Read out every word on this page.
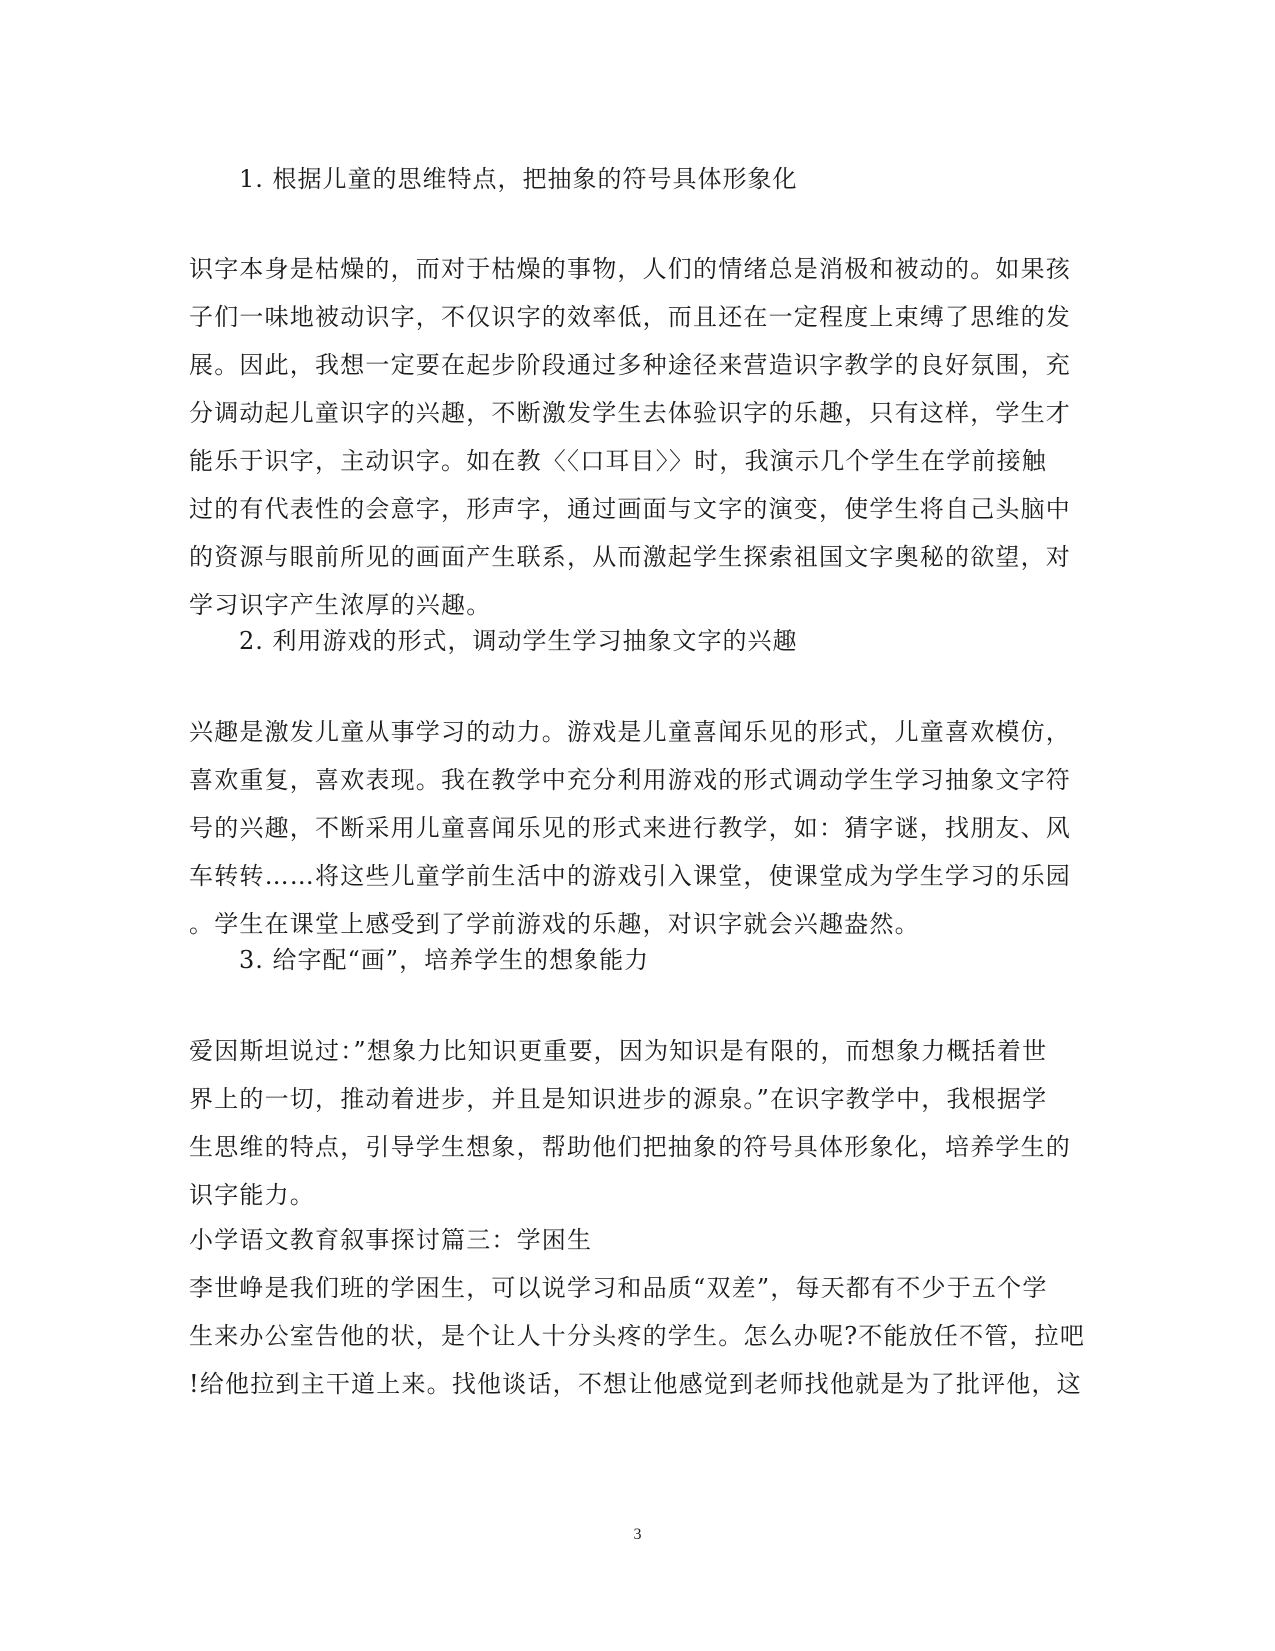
1. 根据儿童的思维特点，把抽象的符号具体形象化
识字本身是枯燥的，而对于枯燥的事物，人们的情绪总是消极和被动的。如果孩
子们一味地被动识字，不仅识字的效率低，而且还在一定程度上束缚了思维的发
展。因此，我想一定要在起步阶段通过多种途径来营造识字教学的良好氛围，充
分调动起儿童识字的兴趣，不断激发学生去体验识字的乐趣，只有这样，学生才
能乐于识字，主动识字。如在教〈〈口耳目〉〉时，我演示几个学生在学前接触
过的有代表性的会意字，形声字，通过画面与文字的演变，使学生将自己头脑中
的资源与眼前所见的画面产生联系，从而激起学生探索祖国文字奥秘的欲望，对
学习识字产生浓厚的兴趣。
2. 利用游戏的形式，调动学生学习抽象文字的兴趣
兴趣是激发儿童从事学习的动力。游戏是儿童喜闻乐见的形式，儿童喜欢模仿，
喜欢重复，喜欢表现。我在教学中充分利用游戏的形式调动学生学习抽象文字符
号的兴趣，不断采用儿童喜闻乐见的形式来进行教学，如：猜字谜，找朋友、风
车转转……将这些儿童学前生活中的游戏引入课堂，使课堂成为学生学习的乐园
。学生在课堂上感受到了学前游戏的乐趣，对识字就会兴趣盎然。
3. 给字配“画”，培养学生的想象能力
爱因斯坦说过：”想象力比知识更重要，因为知识是有限的，而想象力概括着世
界上的一切，推动着进步，并且是知识进步的源泉。”在识字教学中，我根据学
生思维的特点，引导学生想象，帮助他们把抽象的符号具体形象化，培养学生的
识字能力。
小学语文教育叙事探讨篇三：学困生
李世峥是我们班的学困生，可以说学习和品质“双差”，每天都有不少于五个学
生来办公室告他的状，是个让人十分头疼的学生。怎么办呢?不能放任不管，拉吧
!给他拉到主干道上来。找他谈话，不想让他感觉到老师找他就是为了批评他，这
3
